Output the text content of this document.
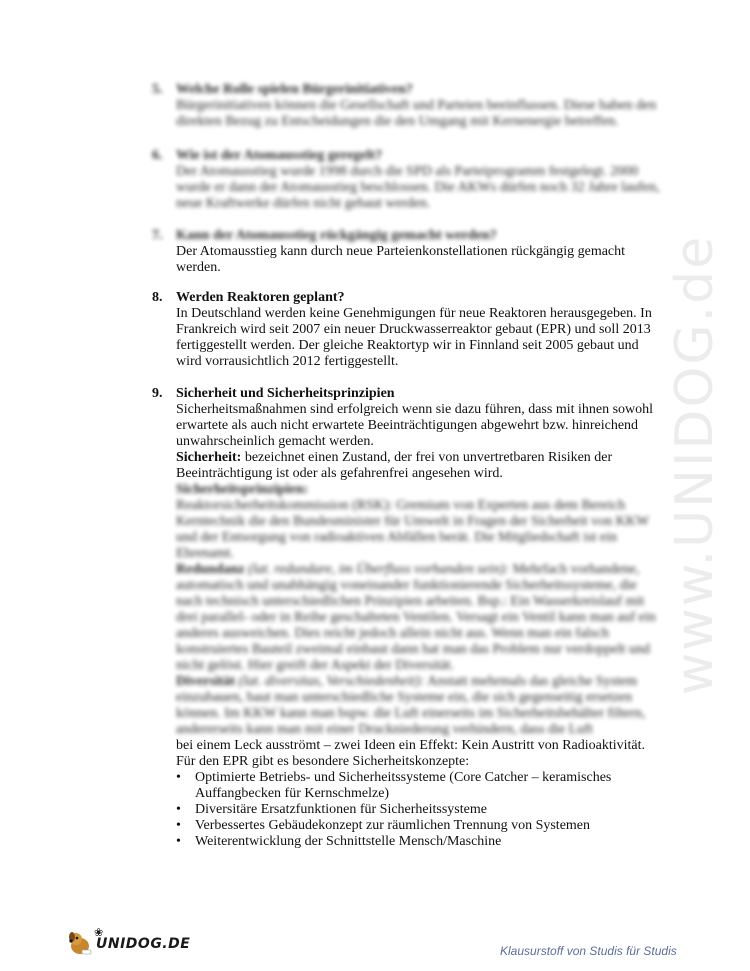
www.UNIDOG.de
5. Welche Rolle spielen Bürgerinitiativen?

Bürgerinitiativen können die Gesellschaft und Parteien beeinflussen. Diese haben den direkten Bezug zu Entscheidungen die den Umgang mit Kernenergie betreffen.

6. Wie ist der Atomausstieg geregelt?

Der Atomausstieg wurde 1998 durch die SPD als Parteiprogramm festgelegt. 2000 wurde er dann der Atomausstieg beschlossen. Die AKWs dürfen noch 32 Jahre laufen, neue Kraftwerke dürfen nicht gebaut werden.

7. Kann der Atomausstieg rückgängig gemacht werden?

Der Atomausstieg kann durch neue Parteienkonstellationen rückgängig gemacht werden.

8. Werden Reaktoren geplant?

In Deutschland werden keine Genehmigungen für neue Reaktoren herausgegeben. In Frankreich wird seit 2007 ein neuer Druckwasserreaktor gebaut (EPR) und soll 2013 fertiggestellt werden. Der gleiche Reaktortyp wir in Finnland seit 2005 gebaut und wird vorrausichtlich 2012 fertiggestellt.

9. Sicherheit und Sicherheitsprinzipien

Sicherheitsmaßnahmen sind erfolgreich wenn sie dazu führen, dass mit ihnen sowohl erwartete als auch nicht erwartete Beeinträchtigungen abgewehrt bzw. hinreichend unwahrscheinlich gemacht werden.

Sicherheit: bezeichnet einen Zustand, der frei von unvertretbaren Risiken der Beeinträchtigung ist oder als gefahrenfrei angesehen wird.

Sicherheitsprinzipien:

Reaktorsicherheitskommission (RSK): Gremium von Experten aus dem Bereich Kerntechnik die den Bundesminister für Umwelt in Fragen der Sicherheit von KKW und der Entsorgung von radioaktiven Abfällen berät. Die Mitgliedschaft ist ein Ehrenamt.

Redundanz (lat. redundare, im Überfluss vorhanden sein): Mehrfach vorhandene, automatisch und unabhängig voneinander funktionierende Sicherheitssysteme, die nach technisch unterschiedlichen Prinzipien arbeiten. Bsp.: Ein Wasserkreislauf mit drei parallel- oder in Reihe geschalteten Ventilen. Versagt ein Ventil kann man auf ein anderes ausweichen. Dies reicht jedoch allein nicht aus. Wenn man ein falsch konstruiertes Bauteil zweimal einbaut dann hat man das Problem nur verdoppelt und nicht gelöst. Hier greift der Aspekt der Diversität.

Diversität (lat. diversitas, Verschiedenheit): Anstatt mehrmals das gleiche System einzubauen, baut man unterschiedliche Systeme ein, die sich gegenseitig ersetzen können. Im KKW kann man bspw. die Luft einerseits im Sicherheitsbehälter filtern, andererseits kann man mit einer Druckniederung verhindern, dass die Luft

bei einem Leck ausströmt – zwei Ideen ein Effekt: Kein Austritt von Radioaktivität.

Für den EPR gibt es besondere Sicherheitskonzepte:

• Optimierte Betriebs- und Sicherheitssysteme (Core Catcher – keramisches Auffangbecken für Kernschmelze)
• Diversitäre Ersatzfunktionen für Sicherheitssysteme
• Verbessertes Gebäudekonzept zur räumlichen Trennung von Systemen
• Weiterentwicklung der Schnittstelle Mensch/Maschine
❀
UNIDOG.DE	Klausurstoff von Studis für Studis
